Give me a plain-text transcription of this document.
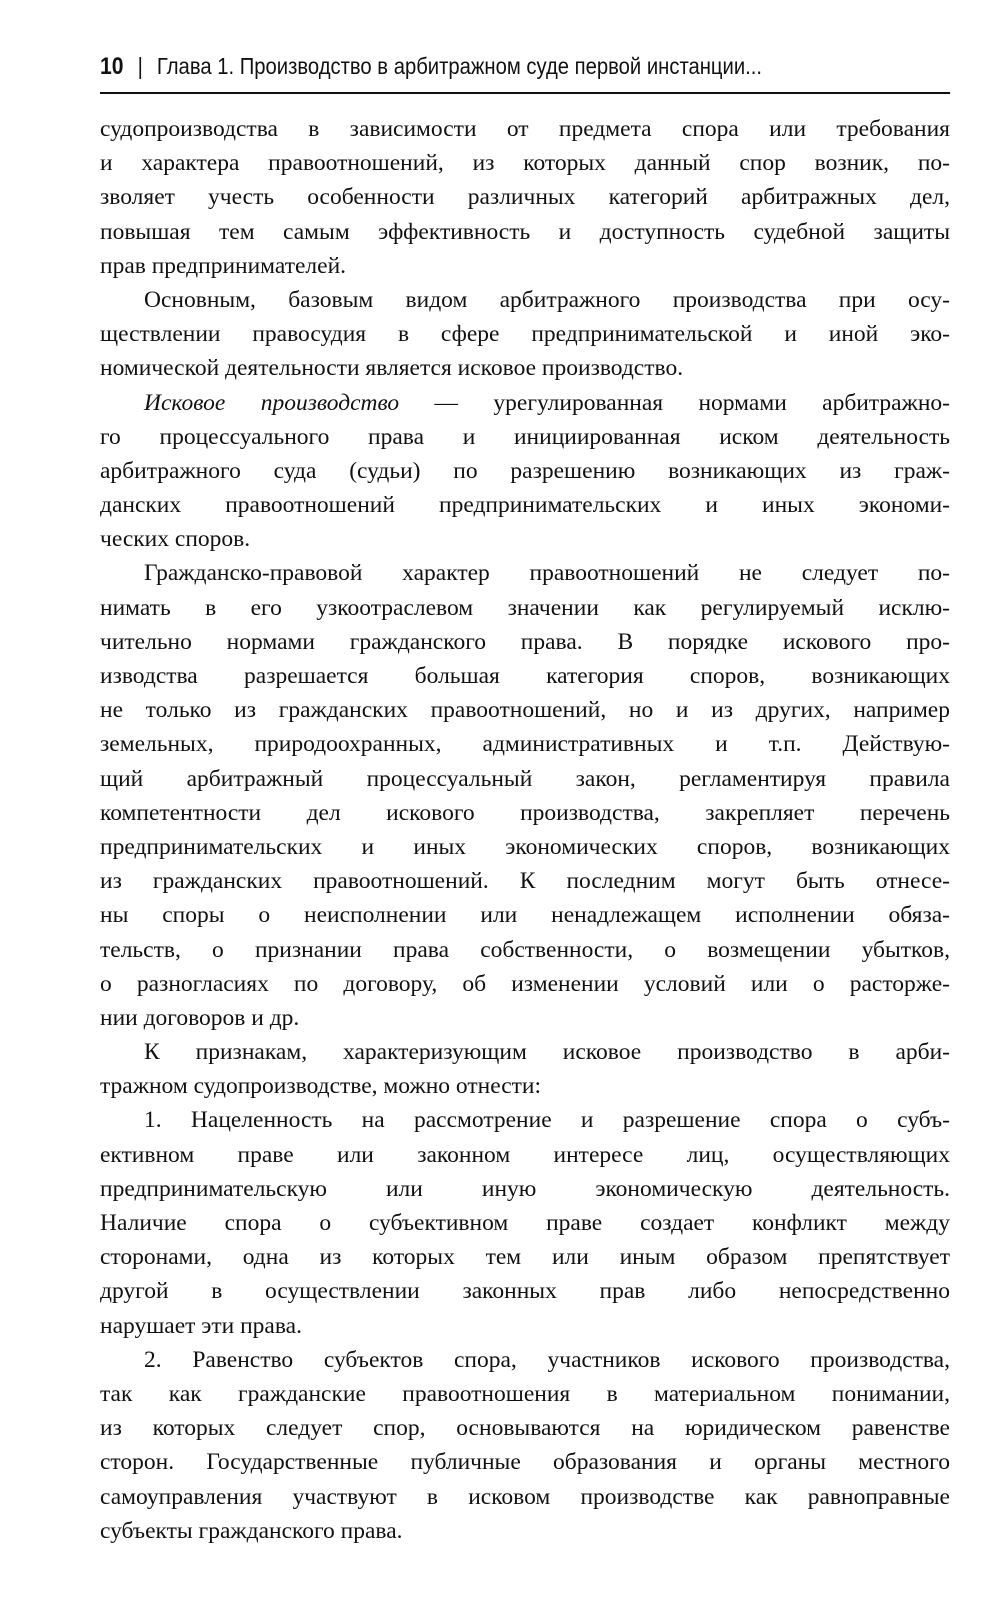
10 | Глава 1. Производство в арбитражном суде первой инстанции...
судопроизводства в зависимости от предмета спора или требования
и характера правоотношений, из которых данный спор возник, по-
зволяет учесть особенности различных категорий арбитражных дел,
повышая тем самым эффективность и доступность судебной защиты
прав предпринимателей.
Основным, базовым видом арбитражного производства при осу-
ществлении правосудия в сфере предпринимательской и иной эко-
номической деятельности является исковое производство.
Исковое производство — урегулированная нормами арбитражно-
го процессуального права и инициированная иском деятельность
арбитражного суда (судьи) по разрешению возникающих из граж-
данских правоотношений предпринимательских и иных экономи-
ческих споров.
Гражданско-правовой характер правоотношений не следует по-
нимать в его узкоотраслевом значении как регулируемый исклю-
чительно нормами гражданского права. В порядке искового про-
изводства разрешается большая категория споров, возникающих
не только из гражданских правоотношений, но и из других, например
земельных, природоохранных, административных и т.п. Действую-
щий арбитражный процессуальный закон, регламентируя правила
компетентности дел искового производства, закрепляет перечень
предпринимательских и иных экономических споров, возникающих
из гражданских правоотношений. К последним могут быть отнесе-
ны споры о неисполнении или ненадлежащем исполнении обяза-
тельств, о признании права собственности, о возмещении убытков,
о разногласиях по договору, об изменении условий или о расторже-
нии договоров и др.
К признакам, характеризующим исковое производство в арби-
тражном судопроизводстве, можно отнести:
1. Нацеленность на рассмотрение и разрешение спора о субъ-
ективном праве или законном интересе лиц, осуществляющих
предпринимательскую или иную экономическую деятельность.
Наличие спора о субъективном праве создает конфликт между
сторонами, одна из которых тем или иным образом препятствует
другой в осуществлении законных прав либо непосредственно
нарушает эти права.
2. Равенство субъектов спора, участников искового производства,
так как гражданские правоотношения в материальном понимании,
из которых следует спор, основываются на юридическом равенстве
сторон. Государственные публичные образования и органы местного
самоуправления участвуют в исковом производстве как равноправные
субъекты гражданского права.
